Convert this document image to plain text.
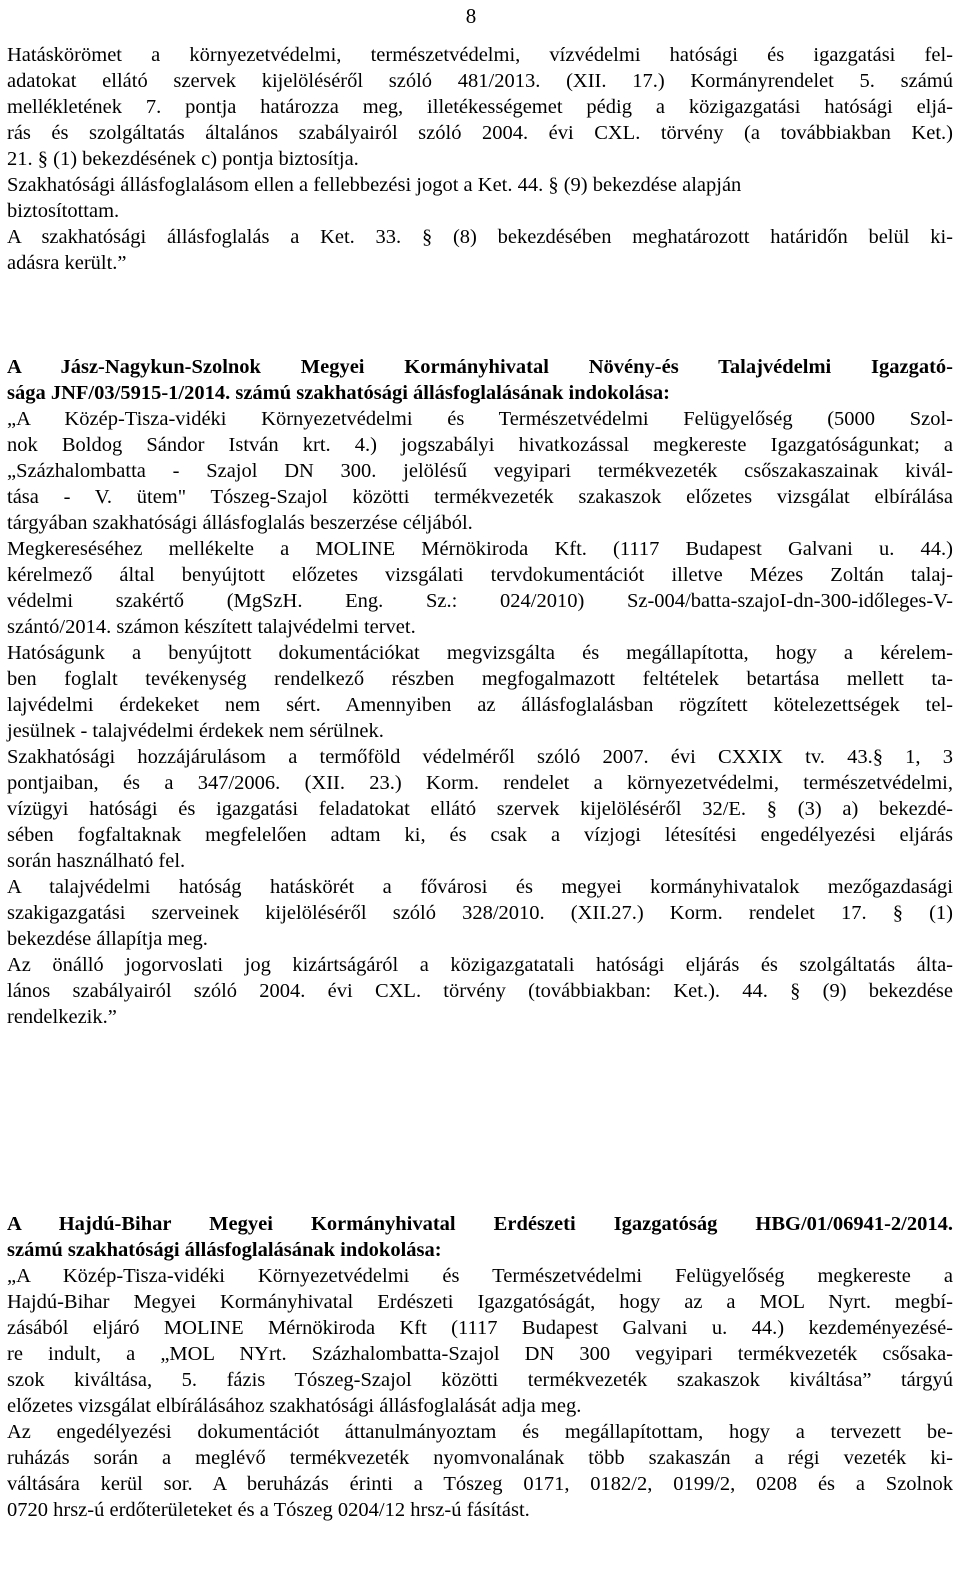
8
Hatáskörömet a környezetvédelmi, természetvédelmi, vízvédelmi hatósági és igazgatási fel-
adatokat ellátó szervek kijelöléséről szóló 481/2013. (XII. 17.) Kormányrendelet 5. számú
mellékletének 7. pontja határozza meg, illetékességemet pédig a közigazgatási hatósági eljá-
rás és szolgáltatás általános szabályairól szóló 2004. évi CXL. törvény (a továbbiakban Ket.)
21. § (1) bekezdésének c) pontja biztosítja.
Szakhatósági állásfoglalásom ellen a fellebbezési jogot a Ket. 44. § (9) bekezdése alapján
biztosítottam.
A szakhatósági állásfoglalás a Ket. 33. § (8) bekezdésében meghatározott határidőn belül ki-
adásra került.”
A Jász-Nagykun-Szolnok Megyei Kormányhivatal Növény-és Talajvédelmi Igazgató-
sága JNF/03/5915-1/2014. számú szakhatósági állásfoglalásának indokolása:
„A Közép-Tisza-vidéki Környezetvédelmi és Természetvédelmi Felügyelőség (5000 Szol-
nok Boldog Sándor István krt. 4.) jogszabályi hivatkozással megkereste Igazgatóságunkat; a
„Százhalombatta - Szajol DN 300. jelölésű vegyipari termékvezeték csőszakaszainak kivál-
tása - V. ütem" Tószeg-Szajol közötti termékvezeték szakaszok előzetes vizsgálat elbírálása
tárgyában szakhatósági állásfoglalás beszerzése céljából.
Megkereséséhez mellékelte a MOLINE Mérnökiroda Kft. (1117 Budapest Galvani u. 44.)
kérelmező által benyújtott előzetes vizsgálati tervdokumentációt illetve Mézes Zoltán talaj-
védelmi szakértő (MgSzH. Eng. Sz.: 024/2010) Sz-004/batta-szajoI-dn-300-időleges-V-
szántó/2014. számon készített talajvédelmi tervet.
Hatóságunk a benyújtott dokumentációkat megvizsgálta és megállapította, hogy a kérelem-
ben foglalt tevékenység rendelkező részben megfogalmazott feltételek betartása mellett ta-
lajvédelmi érdekeket nem sért. Amennyiben az állásfoglalásban rögzített kötelezettségek tel-
jesülnek - talajvédelmi érdekek nem sérülnek.
Szakhatósági hozzájárulásom a termőföld védelméről szóló 2007. évi CXXIX tv. 43.§ 1, 3
pontjaiban, és a 347/2006. (XII. 23.) Korm. rendelet a környezetvédelmi, természetvédelmi,
vízügyi hatósági és igazgatási feladatokat ellátó szervek kijelöléséről 32/E. § (3) a) bekezdé-
sében fogfaltaknak megfelelően adtam ki, és csak a vízjogi létesítési engedélyezési eljárás
során használható fel.
A talajvédelmi hatóság hatáskörét a fővárosi és megyei kormányhivatalok mezőgazdasági
szakigazgatási szerveinek kijelöléséről szóló 328/2010. (XII.27.) Korm. rendelet 17. § (1)
bekezdése állapítja meg.
Az önálló jogorvoslati jog kizártságáról a közigazgatatali hatósági eljárás és szolgáltatás álta-
lános szabályairól szóló 2004. évi CXL. törvény (továbbiakban: Ket.). 44. § (9) bekezdése
rendelkezik.”
A Hajdú-Bihar Megyei Kormányhivatal Erdészeti Igazgatóság HBG/01/06941-2/2014.
számú szakhatósági állásfoglalásának indokolása:
„A Közép-Tisza-vidéki Környezetvédelmi és Természetvédelmi Felügyelőség megkereste a
Hajdú-Bihar Megyei Kormányhivatal Erdészeti Igazgatóságát, hogy az a MOL Nyrt. megbí-
zásából eljáró MOLINE Mérnökiroda Kft (1117 Budapest Galvani u. 44.) kezdeményezésé-
re indult, a „MOL NYrt. Százhalombatta-Szajol DN 300 vegyipari termékvezeték csősaka-
szok kiváltása, 5. fázis Tószeg-Szajol közötti termékvezeték szakaszok kiváltása” tárgyú
előzetes vizsgálat elbírálásához szakhatósági állásfoglalását adja meg.
Az engedélyezési dokumentációt áttanulmányoztam és megállapítottam, hogy a tervezett be-
ruházás során a meglévő termékvezeték nyomvonalának több szakaszán a régi vezeték ki-
váltására kerül sor. A beruházás érinti a Tószeg 0171, 0182/2, 0199/2, 0208 és a Szolnok
0720 hrsz-ú erdőterületeket és a Tószeg 0204/12 hrsz-ú fásítást.
